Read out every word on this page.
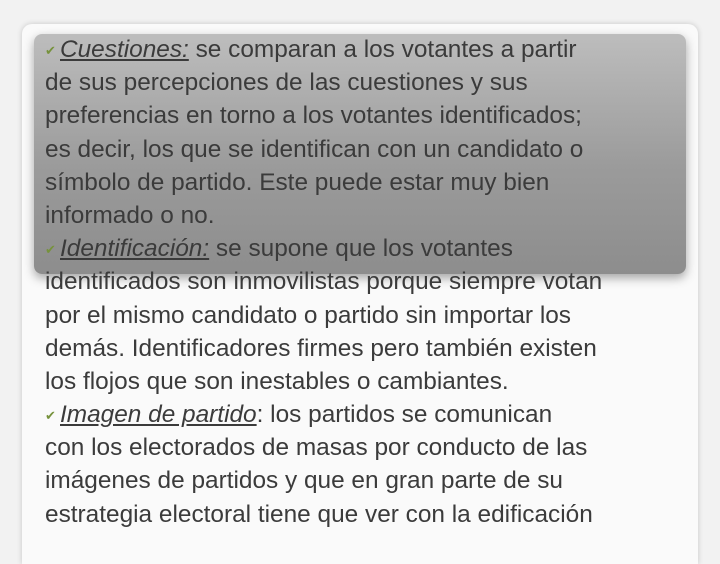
✔ Cuestiones: se comparan a los votantes a partir
de sus percepciones de las cuestiones y sus
preferencias en torno a los votantes identificados;
es decir, los que se identifican con un candidato o
símbolo de partido. Este puede estar muy bien
informado o no.
✔ Identificación: se supone que los votantes
identificados son inmovilistas porque siempre votan
por el mismo candidato o partido sin importar los
demás. Identificadores firmes pero también existen
los flojos que son inestables o cambiantes.
✔ Imagen de partido: los partidos se comunican
con los electorados de masas por conducto de las
imágenes de partidos y que en gran parte de su
estrategia electoral tiene que ver con la edificación
